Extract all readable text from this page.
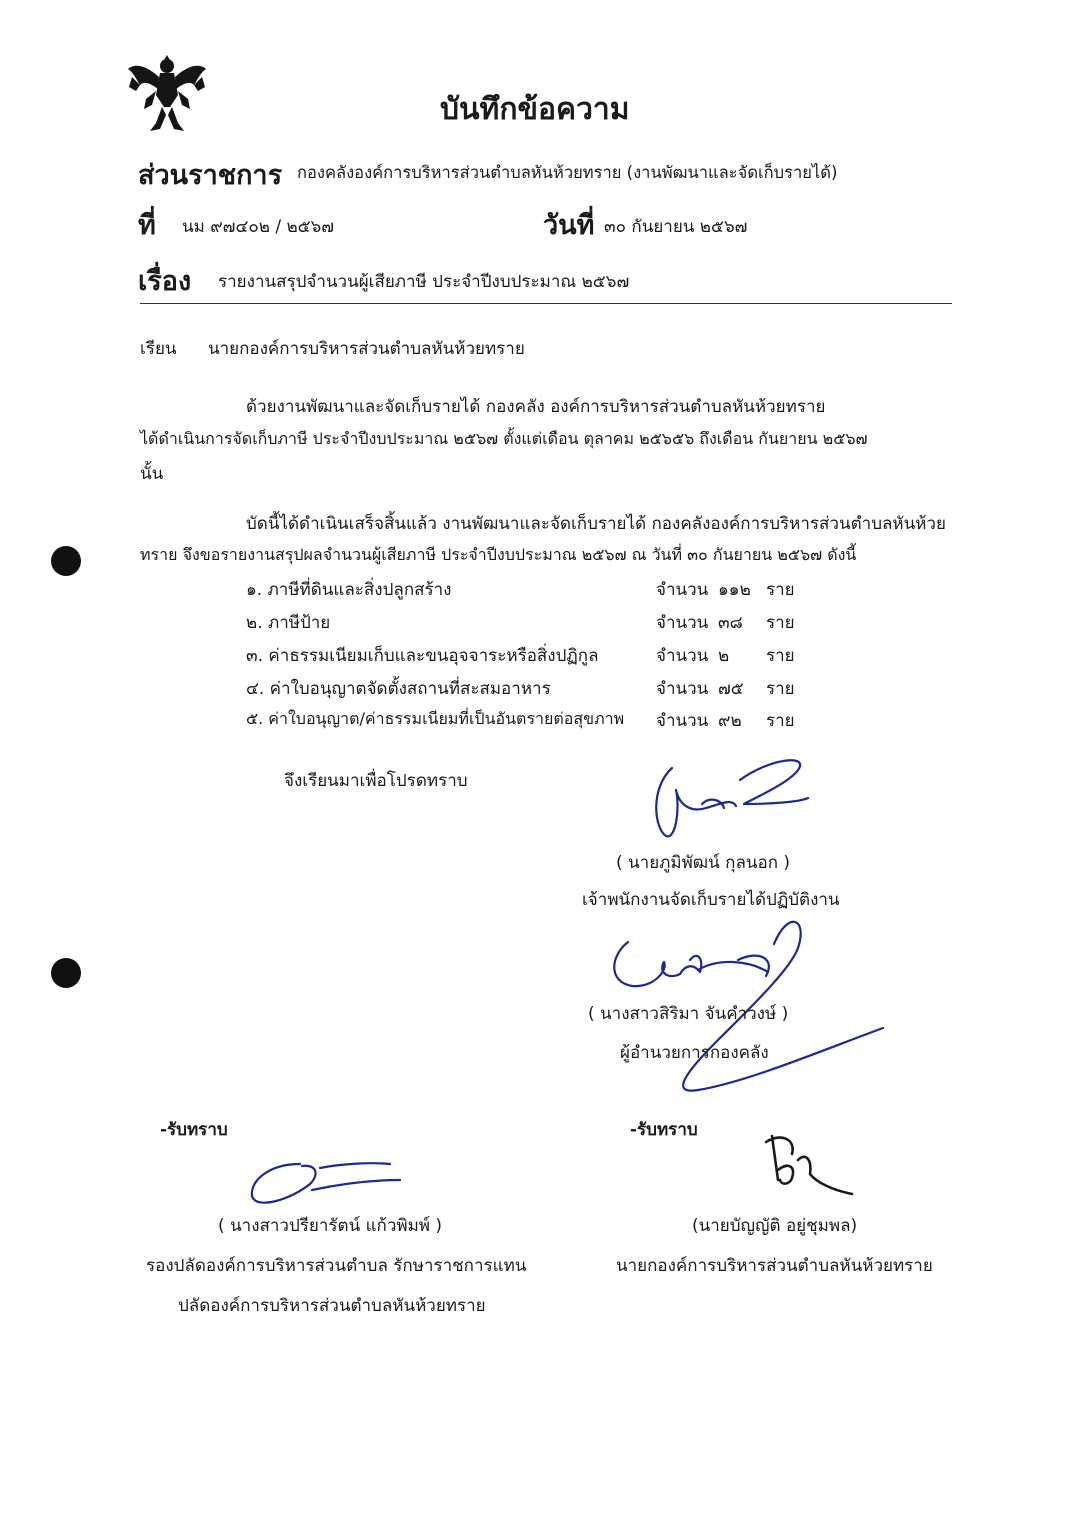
บันทึกข้อความ
ส่วนราชการ กองคลังองค์การบริหารส่วนตำบลหันห้วยทราย (งานพัฒนาและจัดเก็บรายได้)
ที่ นม ๙๗๔๐๒ / ๒๕๖๗	วันที่ ๓๐ กันยายน ๒๕๖๗
เรื่อง รายงานสรุปจำนวนผู้เสียภาษี ประจำปีงบประมาณ ๒๕๖๗
เรียน นายกองค์การบริหารส่วนตำบลหันห้วยทราย
ด้วยงานพัฒนาและจัดเก็บรายได้ กองคลัง องค์การบริหารส่วนตำบลหันห้วยทราย
ได้ดำเนินการจัดเก็บภาษี ประจำปีงบประมาณ ๒๕๖๗ ตั้งแต่เดือน ตุลาคม ๒๕๖๕๖ ถึงเดือน กันยายน ๒๕๖๗
นั้น
บัดนี้ได้ดำเนินเสร็จสิ้นแล้ว งานพัฒนาและจัดเก็บรายได้ กองคลังองค์การบริหารส่วนตำบลหันห้วย
ทราย จึงขอรายงานสรุปผลจำนวนผู้เสียภาษี ประจำปีงบประมาณ ๒๕๖๗ ณ วันที่ ๓๐ กันยายน ๒๕๖๗ ดังนี้
๑. ภาษีที่ดินและสิ่งปลูกสร้าง	จำนวน ๑๑๒ ราย
๒. ภาษีป้าย	จำนวน ๓๘ ราย
๓. ค่าธรรมเนียมเก็บและขนอุจจาระหรือสิ่งปฏิกูล	จำนวน ๒ ราย
๔. ค่าใบอนุญาตจัดตั้งสถานที่สะสมอาหาร	จำนวน ๗๕ ราย
๕. ค่าใบอนุญาต/ค่าธรรมเนียมที่เป็นอันตรายต่อสุขภาพ จำนวน ๙๒ ราย
จึงเรียนมาเพื่อโปรดทราบ
( นายภูมิพัฒน์ กุลนอก )
เจ้าพนักงานจัดเก็บรายได้ปฏิบัติงาน
( นางสาวสิริมา จันคำวงษ์ )
ผู้อำนวยการกองคลัง
-รับทราบ
( นางสาวปรียารัตน์ แก้วพิมพ์ )
รองปลัดองค์การบริหารส่วนตำบล รักษาราชการแทน
ปลัดองค์การบริหารส่วนตำบลหันห้วยทราย
-รับทราบ
(นายบัญญัติ อยู่ชุมพล)
นายกองค์การบริหารส่วนตำบลหันห้วยทราย
